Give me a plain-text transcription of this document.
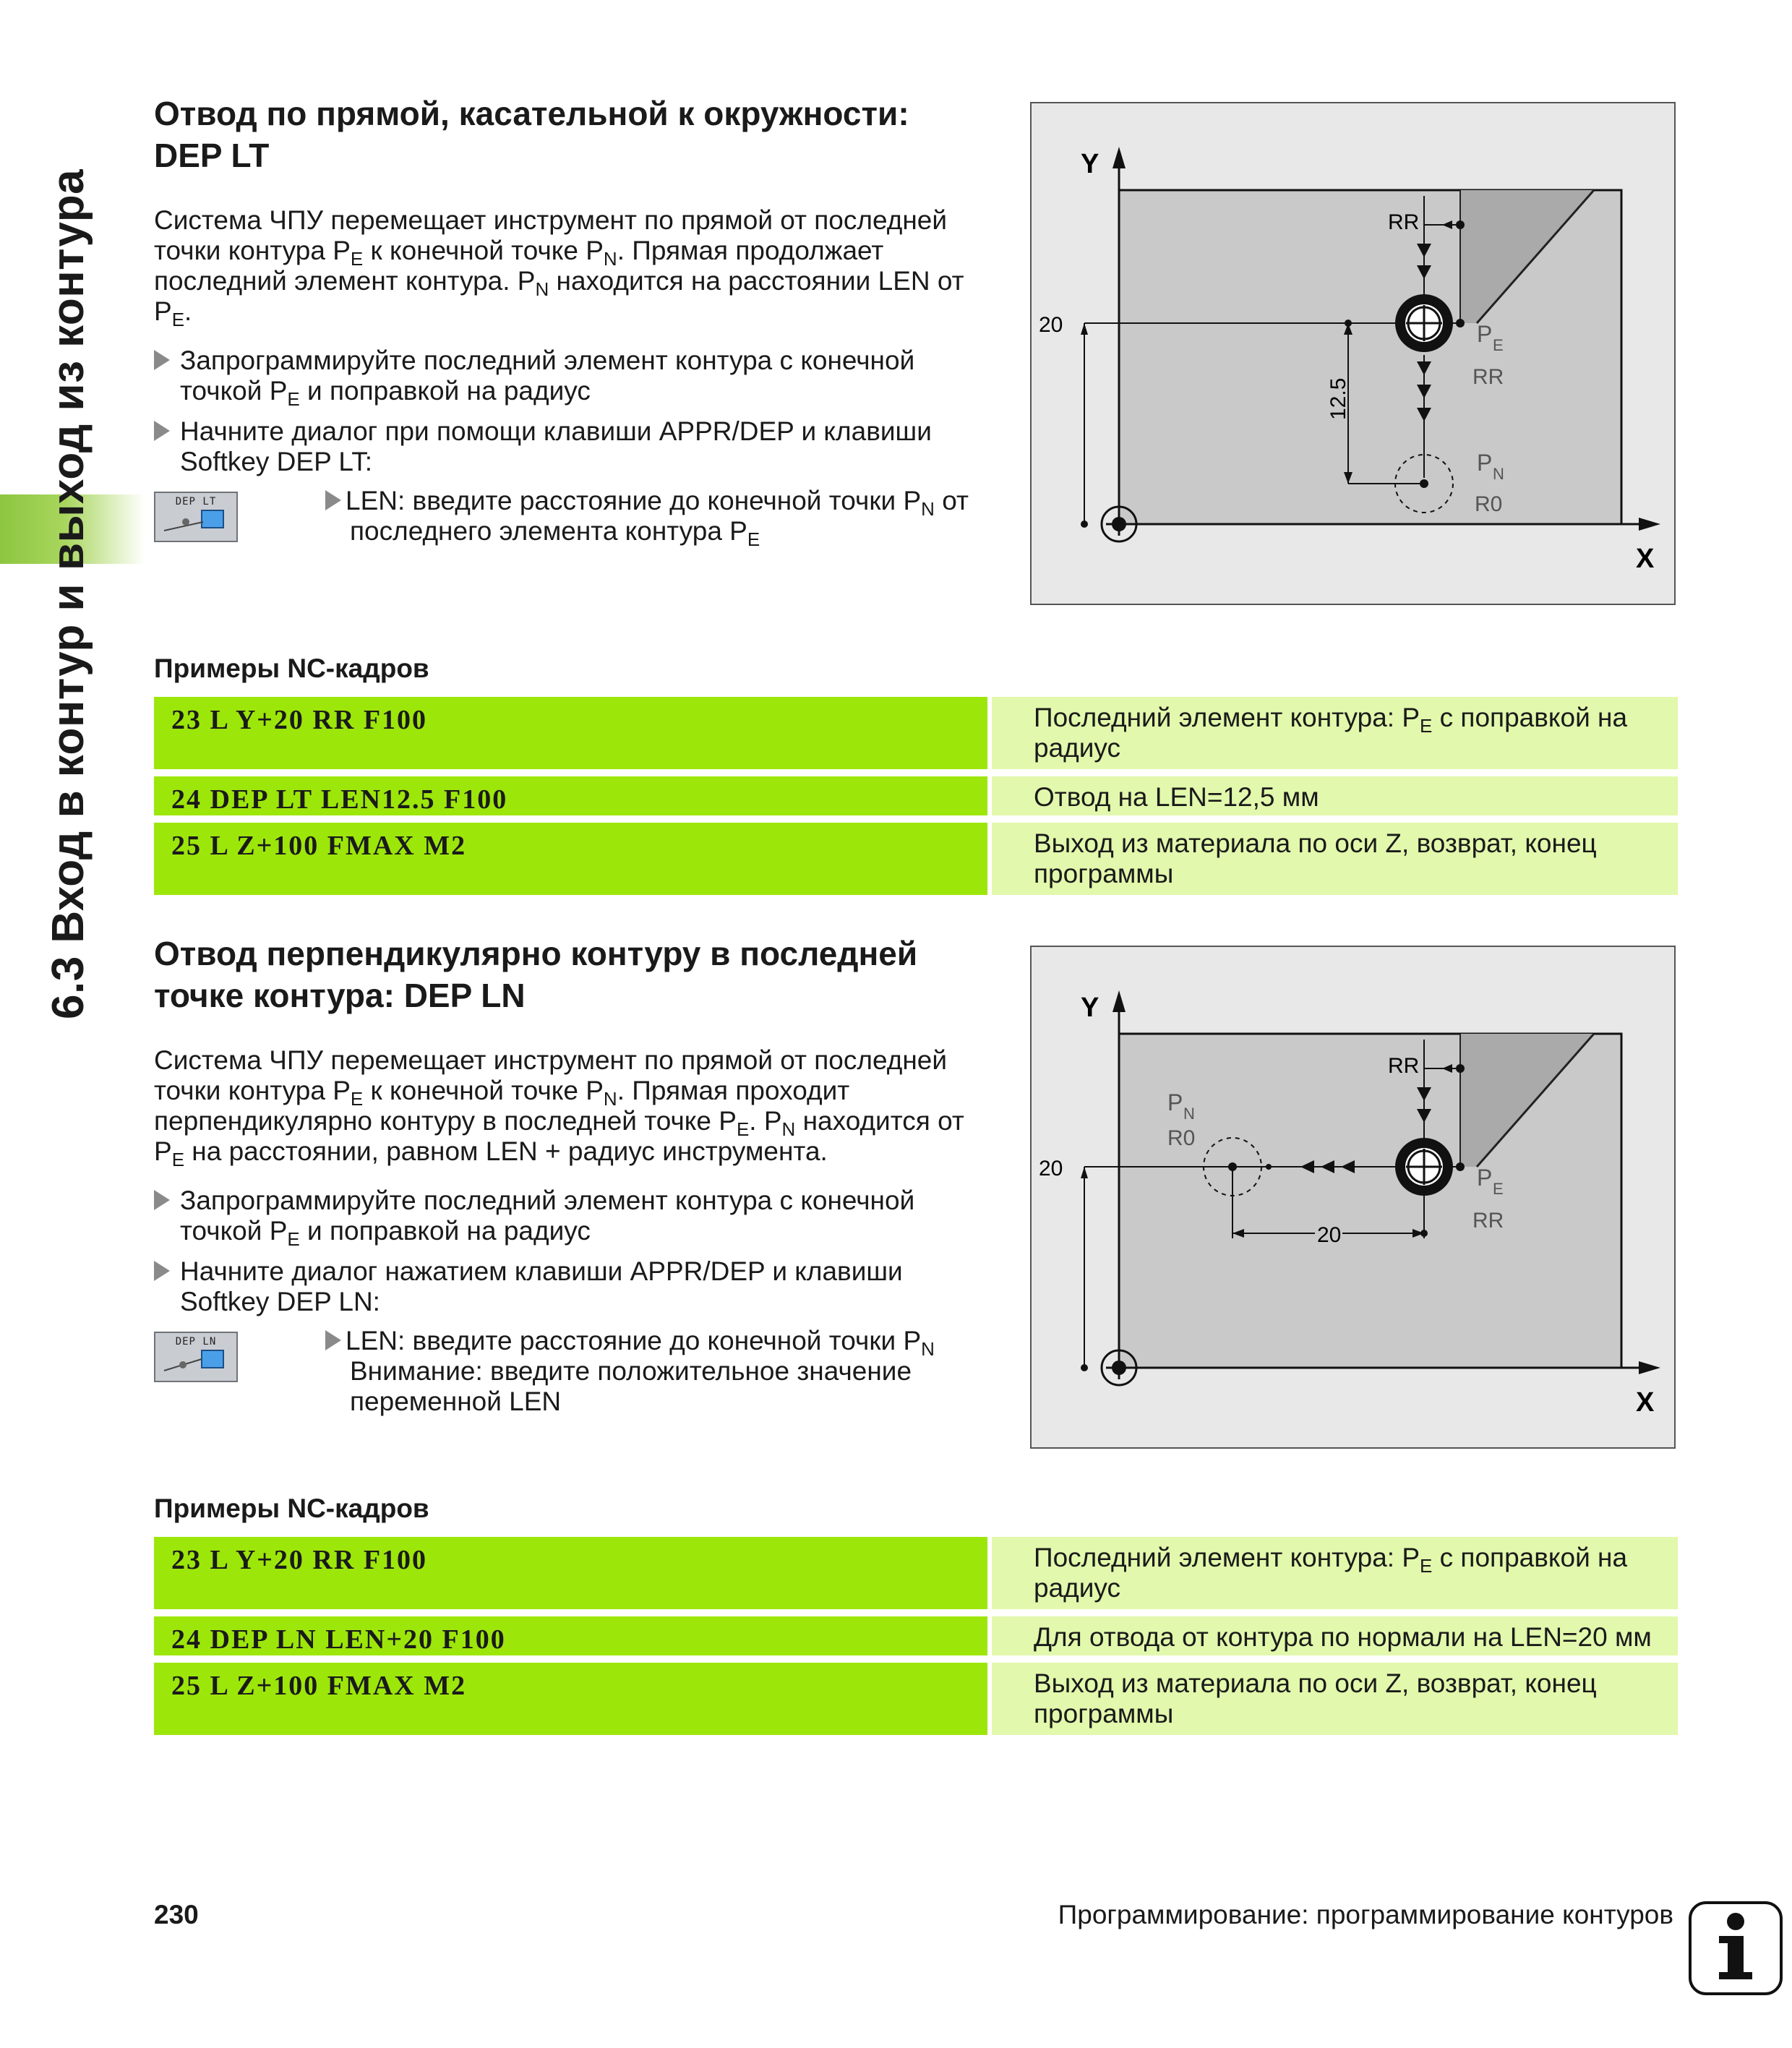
6.3 Вход в контур и выход из контура
Отвод по прямой, касательной к окружности:
DEP LT
Система ЧПУ перемещает инструмент по прямой от последней
точки контура $P_E$ к конечной точке $P_N$. Прямая продолжает
последний элемент контура. $P_N$ находится на расстоянии LEN от
$P_E$.
Запрограммируйте последний элемент контура с конечной
точкой $P_E$ и поправкой на радиус
Начните диалог при помощи клавиши APPR/DEP и клавиши
Softkey DEP LT:
DEP LT	LEN: введите расстояние до конечной точки $P_N$ от
последнего элемента контура $P_E$
Y
X
20
RR
12.5
P E
RR
P N
R0
Примеры NC-кадров
23 L Y+20 RR F100	Последний элемент контура: $P_E$ с поправкой на
радиус
24 DEP LT LEN12.5 F100	Отвод на LEN=12,5 мм
25 L Z+100 FMAX M2	Выход из материала по оси Z, возврат, конец
программы
Отвод перпендикулярно контуру в последней
точке контура: DEP LN
Система ЧПУ перемещает инструмент по прямой от последней
точки контура $P_E$ к конечной точке $P_N$. Прямая проходит
перпендикулярно контуру в последней точке $P_E$. $P_N$ находится от
$P_E$ на расстоянии, равном LEN + радиус инструмента.
Запрограммируйте последний элемент контура с конечной
точкой $P_E$ и поправкой на радиус
Начните диалог нажатием клавиши APPR/DEP и клавиши
Softkey DEP LN:
DEP LN	LEN: введите расстояние до конечной точки $P_N$
Внимание: введите положительное значение
переменной LEN
Y
X
20
RR
20
P N
R0
P E
RR
Примеры NC-кадров
23 L Y+20 RR F100	Последний элемент контура: $P_E$ с поправкой на
радиус
24 DEP LN LEN+20 F100	Для отвода от контура по нормали на LEN=20 мм
25 L Z+100 FMAX M2	Выход из материала по оси Z, возврат, конец
программы
230	Программирование: программирование контуров
